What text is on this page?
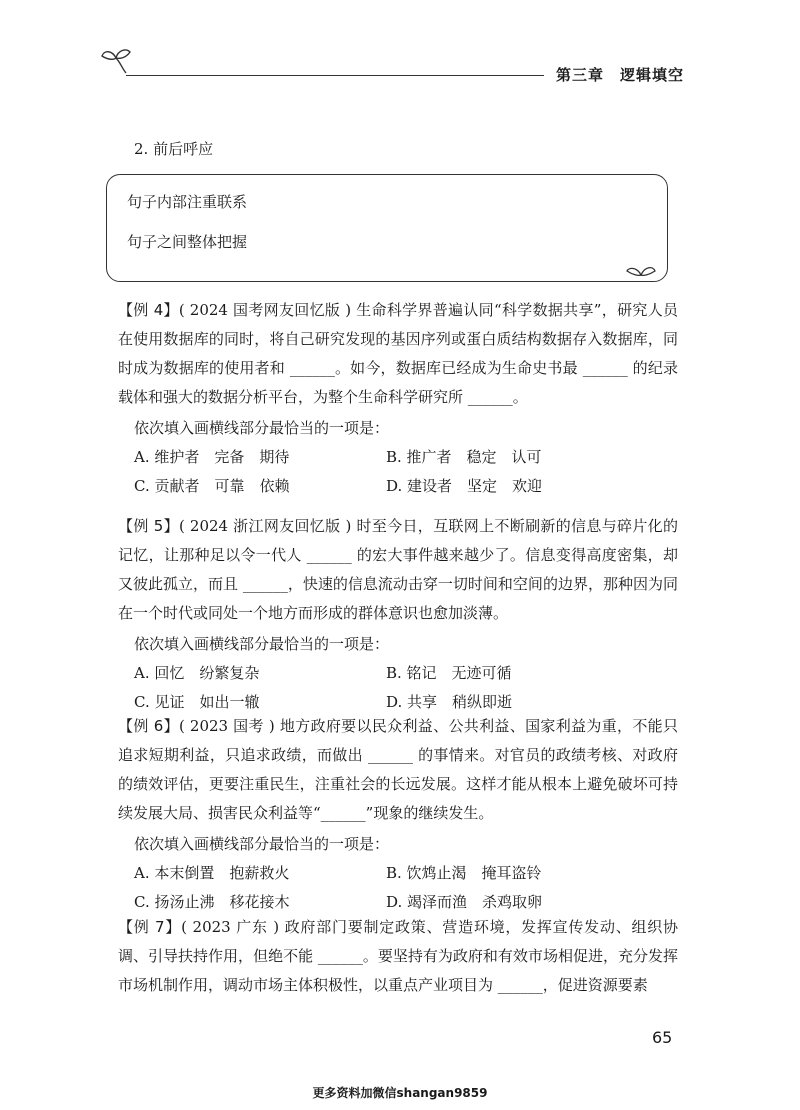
第三章　逻辑填空
2. 前后呼应
句子内部注重联系
句子之间整体把握
【例 4】( 2024 国考网友回忆版 ) 生命科学界普遍认同“科学数据共享”，研究人员在使用数据库的同时，将自己研究发现的基因序列或蛋白质结构数据存入数据库，同时成为数据库的使用者和 ______。如今，数据库已经成为生命史书最 ______ 的纪录载体和强大的数据分析平台，为整个生命科学研究所 ______。
依次填入画横线部分最恰当的一项是：
A. 维护者　完备　期待	B. 推广者　稳定　认可
C. 贡献者　可靠　依赖	D. 建设者　坚定　欢迎
【例 5】( 2024 浙江网友回忆版 ) 时至今日，互联网上不断刷新的信息与碎片化的记忆，让那种足以令一代人 ______ 的宏大事件越来越少了。信息变得高度密集，却又彼此孤立，而且 ______，快速的信息流动击穿一切时间和空间的边界，那种因为同在一个时代或同处一个地方而形成的群体意识也愈加淡薄。
依次填入画横线部分最恰当的一项是：
A. 回忆　纷繁复杂	B. 铭记　无迹可循
C. 见证　如出一辙	D. 共享　稍纵即逝
【例 6】( 2023 国考 ) 地方政府要以民众利益、公共利益、国家利益为重，不能只追求短期利益，只追求政绩，而做出 ______ 的事情来。对官员的政绩考核、对政府的绩效评估，更要注重民生，注重社会的长远发展。这样才能从根本上避免破坏可持续发展大局、损害民众利益等“______”现象的继续发生。
依次填入画横线部分最恰当的一项是：
A. 本末倒置　抱薪救火	B. 饮鸩止渴　掩耳盗铃
C. 扬汤止沸　移花接木	D. 竭泽而渔　杀鸡取卵
【例 7】( 2023 广东 ) 政府部门要制定政策、营造环境，发挥宣传发动、组织协调、引导扶持作用，但绝不能 ______。要坚持有为政府和有效市场相促进，充分发挥市场机制作用，调动市场主体积极性，以重点产业项目为 ______，促进资源要素
65
更多资料加微信shangan9859
